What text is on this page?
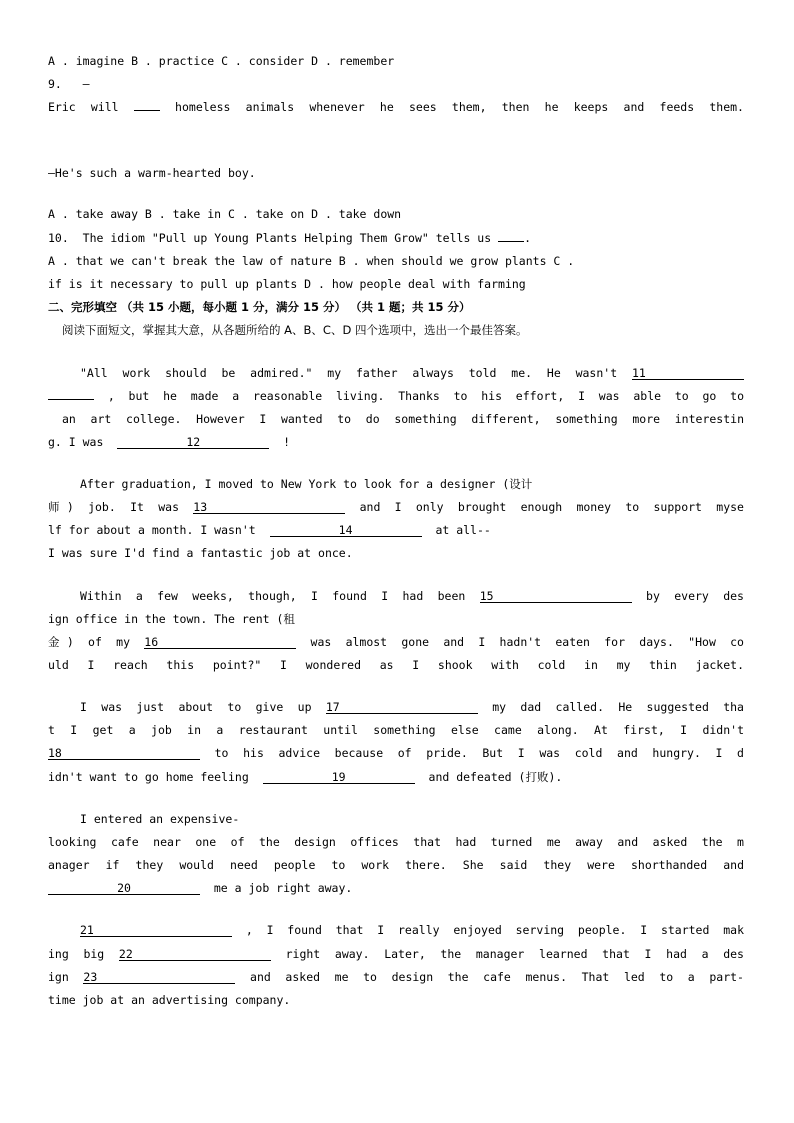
A . imagine B . practice C . consider D . remember
9. —
Eric will	homeless animals whenever he sees them, then he keeps and feeds them.
—He's such a warm-hearted boy.
A . take away B . take in C . take on D . take down
10. The idiom "Pull up Young Plants Helping Them Grow" tells us	.
A . that we can't break the law of nature B . when should we grow plants C .
if is it necessary to pull up plants D . how people deal with farming
二、完形填空 （共 15 小题，每小题 1 分，满分 15 分） （共 1 题；共 15 分）
阅读下面短文，掌握其大意，从各题所给的 A、B、C、D 四个选项中，选出一个最佳答案。
"All work should be admired." my father always told me. He wasn't 11
, but he made a reasonable living. Thanks to his effort, I was able to go to
an art college. However I wanted to do something different, something more interestin
g. I was	12	!
After graduation, I moved to New York to look for a designer (设计
师) job. It was 13	and I only brought enough money to support myse
lf for about a month. I wasn't	14	at all--
I was sure I'd find a fantastic job at once.
Within a few weeks, though, I found I had been 15	by every des
ign office in the town. The rent (租
金) of my 16	was almost gone and I hadn't eaten for days. "How co
uld I reach this point?" I wondered as I shook with cold in my thin jacket.
I was just about to give up 17	my dad called. He suggested tha
t I get a job in a restaurant until something else came along. At first, I didn't
18	to his advice because of pride. But I was cold and hungry. I d
idn't want to go home feeling	19	and defeated (打败).
I entered an expensive-
looking cafe near one of the design offices that had turned me away and asked the m
anager if they would need people to work there. She said they were shorthanded and
20	me a job right away.
21	, I found that I really enjoyed serving people. I started mak
ing big 22	right away. Later, the manager learned that I had a des
ign 23	and asked me to design the cafe menus. That led to a part-
time job at an advertising company.
